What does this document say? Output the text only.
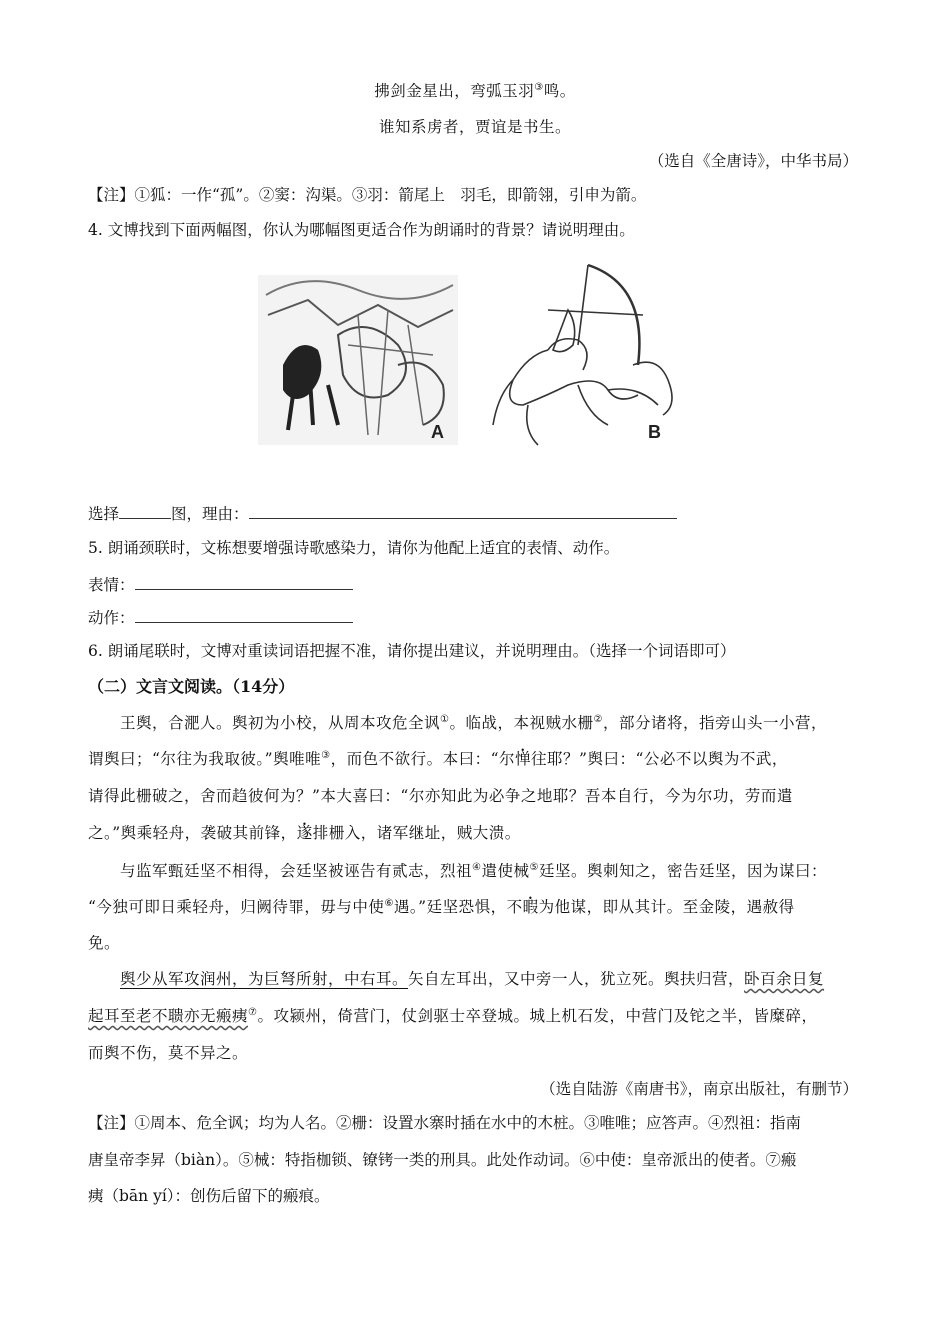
拂剑金星出，弯弧玉羽③鸣。
谁知系虏者，贾谊是书生。
（选自《全唐诗》，中华书局）
【注】①狐：一作“孤”。②窦：沟渠。③羽：箭尾上　羽毛，即箭翎，引申为箭。
4. 文博找到下面两幅图，你认为哪幅图更适合作为朗诵时的背景？请说明理由。
A	B
选择	图，理由：
5. 朗诵颈联时，文栋想要增强诗歌感染力，请你为他配上适宜的表情、动作。
表情：
动作：
6. 朗诵尾联时，文博对重读词语把握不准，请你提出建议，并说明理由。（选择一个词语即可）
（二）文言文阅读。（14分）
王舆，合淝人。舆初为小校，从周本攻危全讽①。临战，本视贼水栅②，部分诸将，指旁山头一小营，
谓舆曰；“尔往为我取彼。”舆唯唯③，而色不欲行。本曰：“尔惮往耶？”舆曰：“公必不以舆为不武，
请得此栅破之，舍而趋彼何为？”本大喜曰：“尔亦知此为必争之地耶？吾本自行，今为尔功，劳而遣
之。”舆乘轻舟，袭破其前锋，遂排栅入，诸军继址，贼大溃。
与监军甄廷坚不相得，会廷坚被诬告有贰志，烈祖④遣使械⑤廷坚。舆刺知之，密告廷坚，因为谋曰：
“今独可即日乘轻舟，归阙待罪，毋与中使⑥遇。”廷坚恐惧，不暇为他谋，即从其计。至金陵，遇赦得
免。
舆少从军攻润州，为巨弩所射，中右耳。矢自左耳出，又中旁一人，犹立死。舆扶归营，卧百余日复
起耳至老不聩亦无瘢痍⑦。攻颍州，倚营门，仗剑驱士卒登城。城上机石发，中营门及铊之半，皆糜碎，
而舆不伤，莫不异之。
（选自陆游《南唐书》，南京出版社，有删节）
【注】①周本、危全讽；均为人名。②栅：设置水寨时插在水中的木桩。③唯唯；应答声。④烈祖：指南
唐皇帝李昇（biàn）。⑤械：特指枷锁、镣铐一类的刑具。此处作动词。⑥中使：皇帝派出的使者。⑦瘢
痍（bān yí）：创伤后留下的瘢痕。
